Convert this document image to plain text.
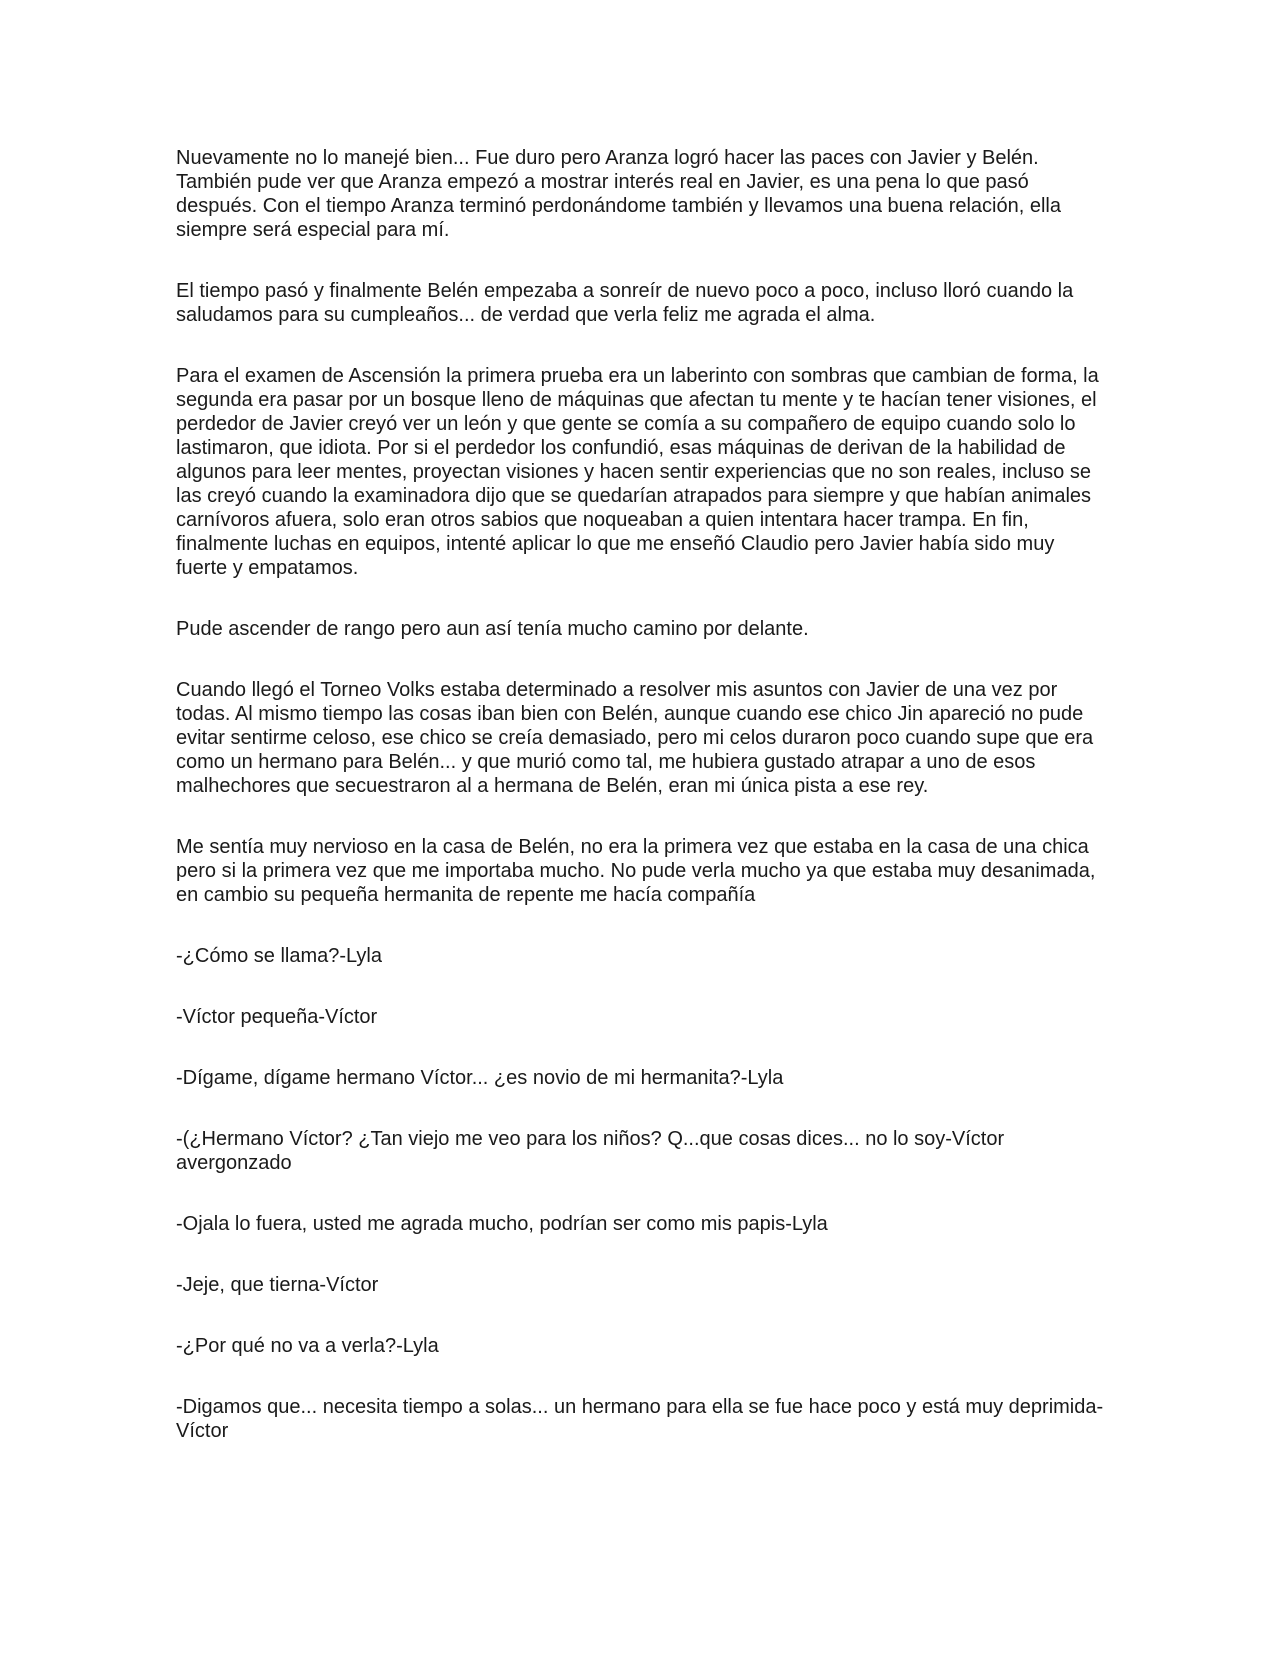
Nuevamente no lo manejé bien... Fue duro pero Aranza logró hacer las paces con Javier y Belén. También pude ver que Aranza empezó a mostrar interés real en Javier, es una pena lo que pasó después. Con el tiempo Aranza terminó perdonándome también y llevamos una buena relación, ella siempre será especial para mí.

El tiempo pasó y finalmente Belén empezaba a sonreír de nuevo poco a poco, incluso lloró cuando la saludamos para su cumpleaños... de verdad que verla feliz me agrada el alma.

Para el examen de Ascensión la primera prueba era un laberinto con sombras que cambian de forma, la segunda era pasar por un bosque lleno de máquinas que afectan tu mente y te hacían tener visiones, el perdedor de Javier creyó ver un león y que gente se comía a su compañero de equipo cuando solo lo lastimaron, que idiota. Por si el perdedor los confundió, esas máquinas de derivan de la habilidad de algunos para leer mentes, proyectan visiones y hacen sentir experiencias que no son reales, incluso se las creyó cuando la examinadora dijo que se quedarían atrapados para siempre y que habían animales carnívoros afuera, solo eran otros sabios que noqueaban a quien intentara hacer trampa. En fin, finalmente luchas en equipos, intenté aplicar lo que me enseñó Claudio pero Javier había sido muy fuerte y empatamos.

Pude ascender de rango pero aun así tenía mucho camino por delante.

Cuando llegó el Torneo Volks estaba determinado a resolver mis asuntos con Javier de una vez por todas. Al mismo tiempo las cosas iban bien con Belén, aunque cuando ese chico Jin apareció no pude evitar sentirme celoso, ese chico se creía demasiado, pero mi celos duraron poco cuando supe que era como un hermano para Belén... y que murió como tal, me hubiera gustado atrapar a uno de esos malhechores que secuestraron al a hermana de Belén, eran mi única pista a ese rey.

Me sentía muy nervioso en la casa de Belén, no era la primera vez que estaba en la casa de una chica pero si la primera vez que me importaba mucho. No pude verla mucho ya que estaba muy desanimada, en cambio su pequeña hermanita de repente me hacía compañía

-¿Cómo se llama?-Lyla

-Víctor pequeña-Víctor

-Dígame, dígame hermano Víctor... ¿es novio de mi hermanita?-Lyla

-(¿Hermano Víctor? ¿Tan viejo me veo para los niños? Q...que cosas dices... no lo soy-Víctor avergonzado

-Ojala lo fuera, usted me agrada mucho, podrían ser como mis papis-Lyla

-Jeje, que tierna-Víctor

-¿Por qué no va a verla?-Lyla

-Digamos que... necesita tiempo a solas... un hermano para ella se fue hace poco y está muy deprimida-Víctor
